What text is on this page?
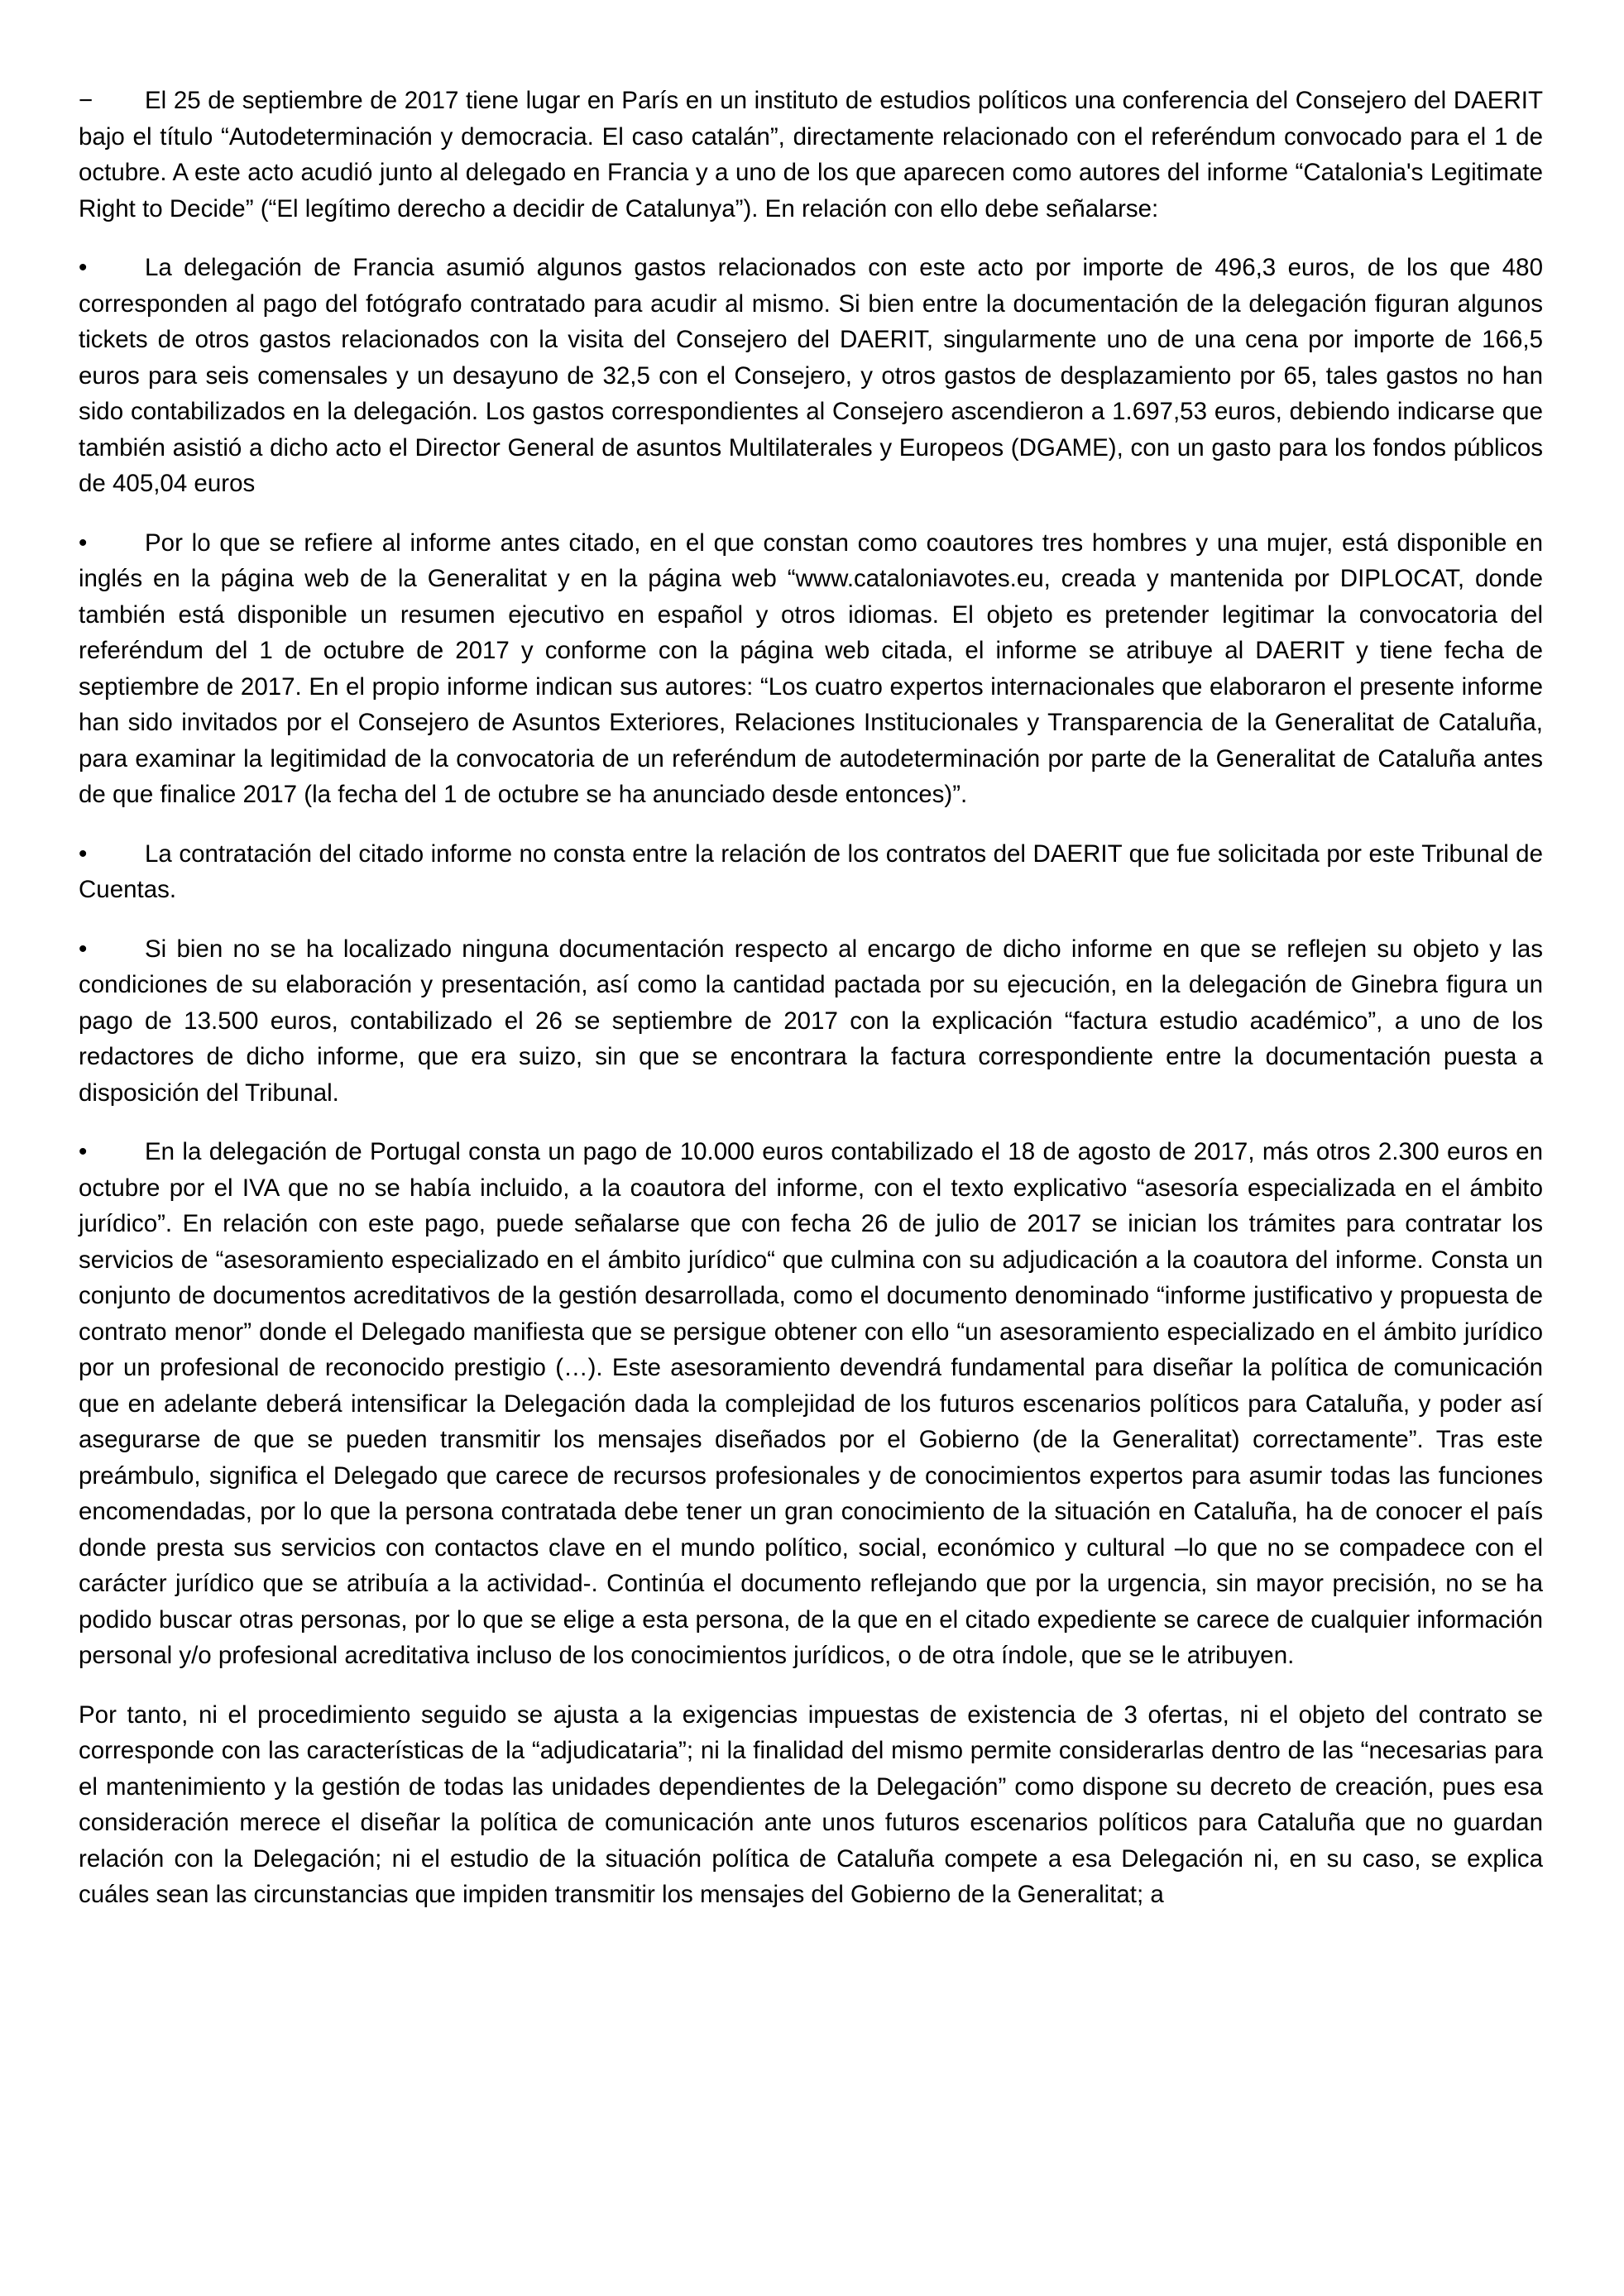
− El 25 de septiembre de 2017 tiene lugar en París en un instituto de estudios políticos una conferencia del Consejero del DAERIT bajo el título “Autodeterminación y democracia. El caso catalán”, directamente relacionado con el referéndum convocado para el 1 de octubre. A este acto acudió junto al delegado en Francia y a uno de los que aparecen como autores del informe “Catalonia's Legitimate Right to Decide” (“El legítimo derecho a decidir de Catalunya”). En relación con ello debe señalarse:

• La delegación de Francia asumió algunos gastos relacionados con este acto por importe de 496,3 euros, de los que 480 corresponden al pago del fotógrafo contratado para acudir al mismo. Si bien entre la documentación de la delegación figuran algunos tickets de otros gastos relacionados con la visita del Consejero del DAERIT, singularmente uno de una cena por importe de 166,5 euros para seis comensales y un desayuno de 32,5 con el Consejero, y otros gastos de desplazamiento por 65, tales gastos no han sido contabilizados en la delegación. Los gastos correspondientes al Consejero ascendieron a 1.697,53 euros, debiendo indicarse que también asistió a dicho acto el Director General de asuntos Multilaterales y Europeos (DGAME), con un gasto para los fondos públicos de 405,04 euros

• Por lo que se refiere al informe antes citado, en el que constan como coautores tres hombres y una mujer, está disponible en inglés en la página web de la Generalitat y en la página web “www.cataloniavotes.eu, creada y mantenida por DIPLOCAT, donde también está disponible un resumen ejecutivo en español y otros idiomas. El objeto es pretender legitimar la convocatoria del referéndum del 1 de octubre de 2017 y conforme con la página web citada, el informe se atribuye al DAERIT y tiene fecha de septiembre de 2017. En el propio informe indican sus autores: “Los cuatro expertos internacionales que elaboraron el presente informe han sido invitados por el Consejero de Asuntos Exteriores, Relaciones Institucionales y Transparencia de la Generalitat de Cataluña, para examinar la legitimidad de la convocatoria de un referéndum de autodeterminación por parte de la Generalitat de Cataluña antes de que finalice 2017 (la fecha del 1 de octubre se ha anunciado desde entonces)”.

• La contratación del citado informe no consta entre la relación de los contratos del DAERIT que fue solicitada por este Tribunal de Cuentas.

• Si bien no se ha localizado ninguna documentación respecto al encargo de dicho informe en que se reflejen su objeto y las condiciones de su elaboración y presentación, así como la cantidad pactada por su ejecución, en la delegación de Ginebra figura un pago de 13.500 euros, contabilizado el 26 se septiembre de 2017 con la explicación “factura estudio académico”, a uno de los redactores de dicho informe, que era suizo, sin que se encontrara la factura correspondiente entre la documentación puesta a disposición del Tribunal.

• En la delegación de Portugal consta un pago de 10.000 euros contabilizado el 18 de agosto de 2017, más otros 2.300 euros en octubre por el IVA que no se había incluido, a la coautora del informe, con el texto explicativo “asesoría especializada en el ámbito jurídico”. En relación con este pago, puede señalarse que con fecha 26 de julio de 2017 se inician los trámites para contratar los servicios de “asesoramiento especializado en el ámbito jurídico“ que culmina con su adjudicación a la coautora del informe. Consta un conjunto de documentos acreditativos de la gestión desarrollada, como el documento denominado “informe justificativo y propuesta de contrato menor” donde el Delegado manifiesta que se persigue obtener con ello “un asesoramiento especializado en el ámbito jurídico por un profesional de reconocido prestigio (…). Este asesoramiento devendrá fundamental para diseñar la política de comunicación que en adelante deberá intensificar la Delegación dada la complejidad de los futuros escenarios políticos para Cataluña, y poder así asegurarse de que se pueden transmitir los mensajes diseñados por el Gobierno (de la Generalitat) correctamente”. Tras este preámbulo, significa el Delegado que carece de recursos profesionales y de conocimientos expertos para asumir todas las funciones encomendadas, por lo que la persona contratada debe tener un gran conocimiento de la situación en Cataluña, ha de conocer el país donde presta sus servicios con contactos clave en el mundo político, social, económico y cultural –lo que no se compadece con el carácter jurídico que se atribuía a la actividad-. Continúa el documento reflejando que por la urgencia, sin mayor precisión, no se ha podido buscar otras personas, por lo que se elige a esta persona, de la que en el citado expediente se carece de cualquier información personal y/o profesional acreditativa incluso de los conocimientos jurídicos, o de otra índole, que se le atribuyen.

Por tanto, ni el procedimiento seguido se ajusta a la exigencias impuestas de existencia de 3 ofertas, ni el objeto del contrato se corresponde con las características de la “adjudicataria”; ni la finalidad del mismo permite considerarlas dentro de las “necesarias para el mantenimiento y la gestión de todas las unidades dependientes de la Delegación” como dispone su decreto de creación, pues esa consideración merece el diseñar la política de comunicación ante unos futuros escenarios políticos para Cataluña que no guardan relación con la Delegación; ni el estudio de la situación política de Cataluña compete a esa Delegación ni, en su caso, se explica cuáles sean las circunstancias que impiden transmitir los mensajes del Gobierno de la Generalitat; a
